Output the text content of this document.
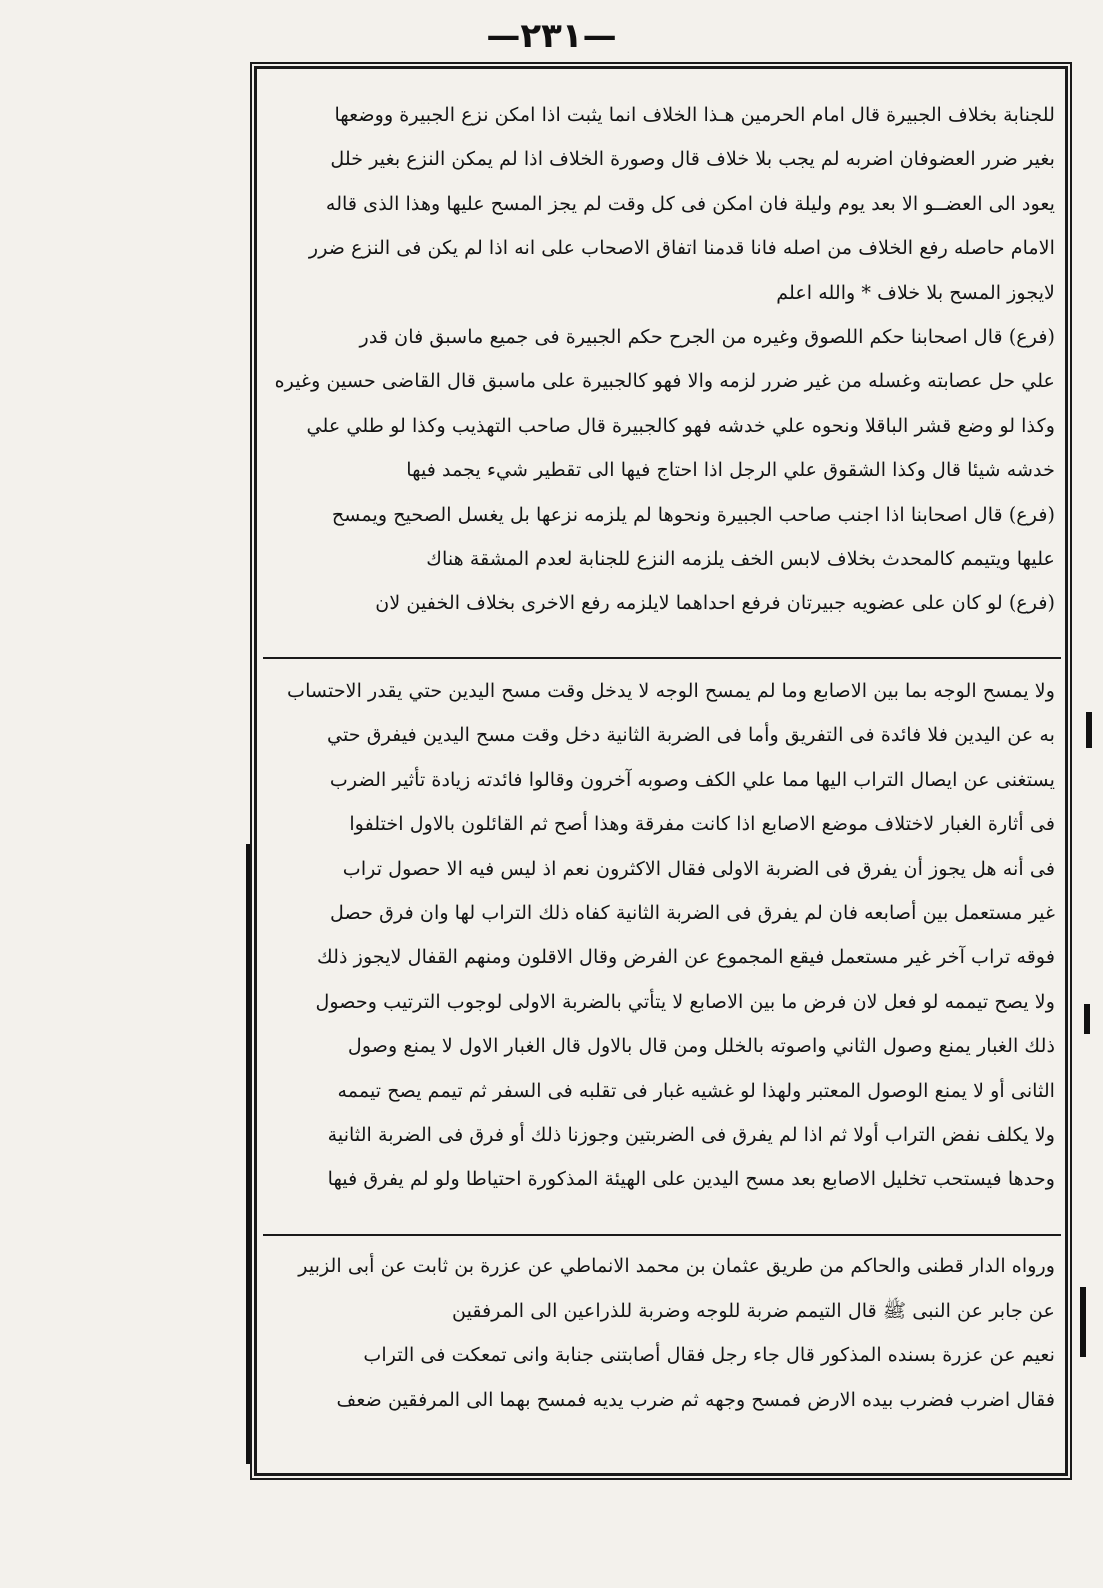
—٢٣١—
للجنابة بخلاف الجبيرة قال امام الحرمين هـذا الخلاف انما يثبت اذا امكن نزع الجبيرة ووضعها
بغير ضرر العضوفان اضربه لم يجب بلا خلاف قال وصورة الخلاف اذا لم يمكن النزع بغير خلل
يعود الى العضــو الا بعد يوم وليلة فان امكن فى كل وقت لم يجز المسح عليها وهذا الذى قاله
الامام حاصله رفع الخلاف من اصله فانا قدمنا اتفاق الاصحاب على انه اذا لم يكن فى النزع ضرر
لايجوز المسح بلا خلاف * والله اعلم
(فرع) قال اصحابنا حكم اللصوق وغيره من الجرح حكم الجبيرة فى جميع ماسبق فان قدر
علي حل عصابته وغسله من غير ضرر لزمه والا فهو كالجبيرة على ماسبق قال القاضى حسين وغيره
وكذا لو وضع قشر الباقلا ونحوه علي خدشه فهو كالجبيرة قال صاحب التهذيب وكذا لو طلي علي
خدشه شيئا قال وكذا الشقوق علي الرجل اذا احتاج فيها الى تقطير شيء يجمد فيها
(فرع) قال اصحابنا اذا اجنب صاحب الجبيرة ونحوها لم يلزمه نزعها بل يغسل الصحيح ويمسح
عليها ويتيمم كالمحدث بخلاف لابس الخف يلزمه النزع للجنابة لعدم المشقة هناك
(فرع) لو كان على عضويه جبيرتان فرفع احداهما لايلزمه رفع الاخرى بخلاف الخفين لان
ولا يمسح الوجه بما بين الاصابع وما لم يمسح الوجه لا يدخل وقت مسح اليدين حتي يقدر الاحتساب
به عن اليدين فلا فائدة فى التفريق وأما فى الضربة الثانية دخل وقت مسح اليدين فيفرق حتي
يستغنى عن ايصال التراب اليها مما علي الكف وصوبه آخرون وقالوا فائدته زيادة تأثير الضرب
فى أثارة الغبار لاختلاف موضع الاصابع اذا كانت مفرقة وهذا أصح ثم القائلون بالاول اختلفوا
فى أنه هل يجوز أن يفرق فى الضربة الاولى فقال الاكثرون نعم اذ ليس فيه الا حصول تراب
غير مستعمل بين أصابعه فان لم يفرق فى الضربة الثانية كفاه ذلك التراب لها وان فرق حصل
فوقه تراب آخر غير مستعمل فيقع المجموع عن الفرض وقال الاقلون ومنهم القفال لايجوز ذلك
ولا يصح تيممه لو فعل لان فرض ما بين الاصابع لا يتأتي بالضربة الاولى لوجوب الترتيب وحصول
ذلك الغبار يمنع وصول الثاني واصوته بالخلل ومن قال بالاول قال الغبار الاول لا يمنع وصول
الثانى أو لا يمنع الوصول المعتبر ولهذا لو غشيه غبار فى تقلبه فى السفر ثم تيمم يصح تيممه
ولا يكلف نفض التراب أولا ثم اذا لم يفرق فى الضربتين وجوزنا ذلك أو فرق فى الضربة الثانية
وحدها فيستحب تخليل الاصابع بعد مسح اليدين على الهيئة المذكورة احتياطا ولو لم يفرق فيها
ورواه الدار قطنى والحاكم من طريق عثمان بن محمد الانماطي عن عزرة بن ثابت عن أبى الزبير
عن جابر عن النبى ﷺ قال التيمم ضربة للوجه وضربة للذراعين الى المرفقين
نعيم عن عزرة بسنده المذكور قال جاء رجل فقال أصابتنى جنابة وانى تمعكت فى التراب
فقال اضرب فضرب بيده الارض فمسح وجهه ثم ضرب يديه فمسح بهما الى المرفقين ضعف
